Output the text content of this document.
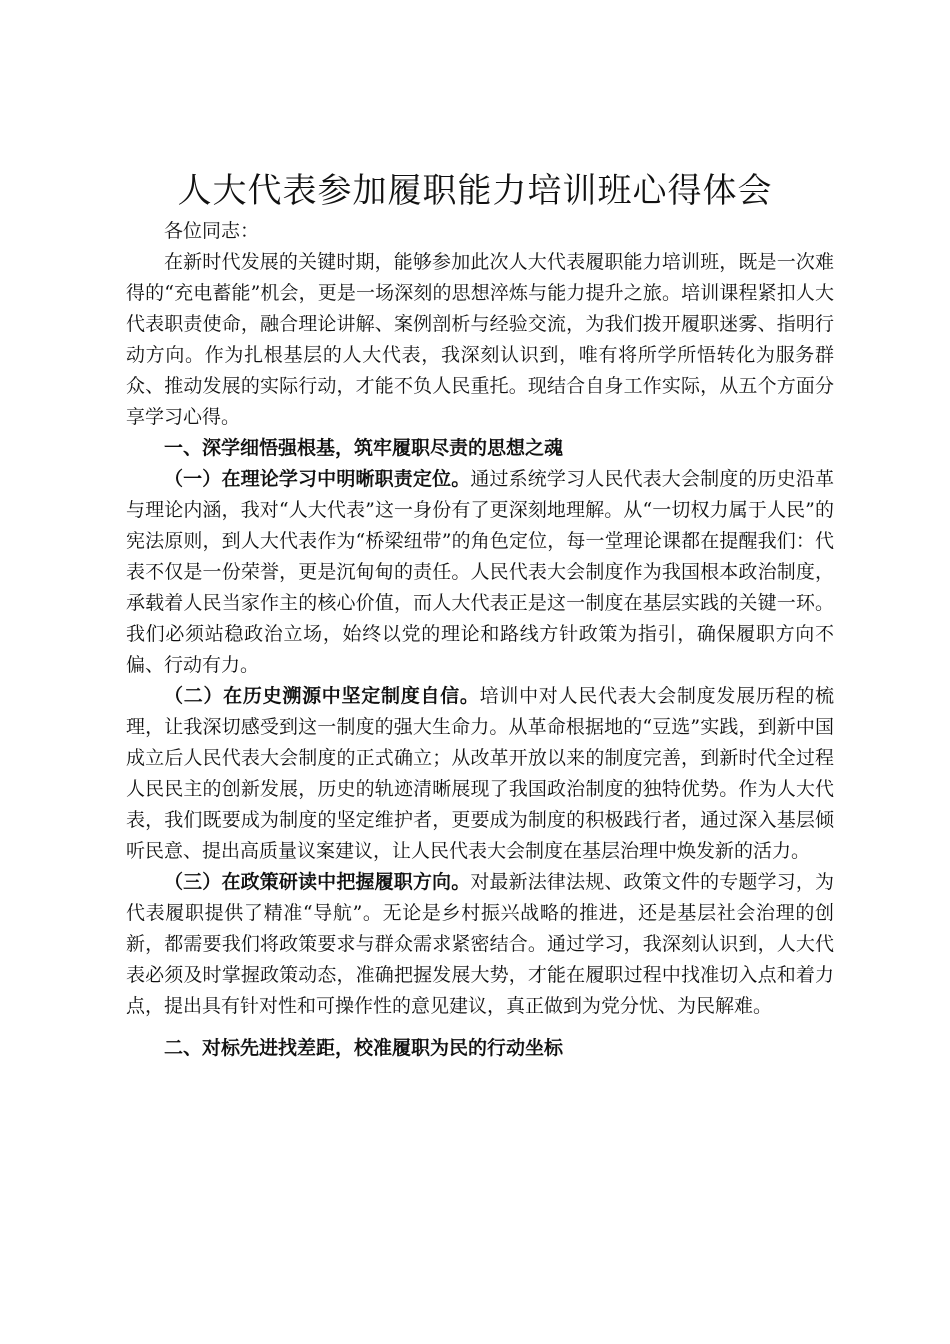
人大代表参加履职能力培训班心得体会

各位同志：

在新时代发展的关键时期，能够参加此次人大代表履职能力培训班，既是一次难得的“充电蓄能”机会，更是一场深刻的思想淬炼与能力提升之旅。培训课程紧扣人大代表职责使命，融合理论讲解、案例剖析与经验交流，为我们拨开履职迷雾、指明行动方向。作为扎根基层的人大代表，我深刻认识到，唯有将所学所悟转化为服务群众、推动发展的实际行动，才能不负人民重托。现结合自身工作实际，从五个方面分享学习心得。

一、深学细悟强根基，筑牢履职尽责的思想之魂

（一）在理论学习中明晰职责定位。通过系统学习人民代表大会制度的历史沿革与理论内涵，我对“人大代表”这一身份有了更深刻地理解。从“一切权力属于人民”的宪法原则，到人大代表作为“桥梁纽带”的角色定位，每一堂理论课都在提醒我们：代表不仅是一份荣誉，更是沉甸甸的责任。人民代表大会制度作为我国根本政治制度，承载着人民当家作主的核心价值，而人大代表正是这一制度在基层实践的关键一环。我们必须站稳政治立场，始终以党的理论和路线方针政策为指引，确保履职方向不偏、行动有力。

（二）在历史溯源中坚定制度自信。培训中对人民代表大会制度发展历程的梳理，让我深切感受到这一制度的强大生命力。从革命根据地的“豆选”实践，到新中国成立后人民代表大会制度的正式确立；从改革开放以来的制度完善，到新时代全过程人民民主的创新发展，历史的轨迹清晰展现了我国政治制度的独特优势。作为人大代表，我们既要成为制度的坚定维护者，更要成为制度的积极践行者，通过深入基层倾听民意、提出高质量议案建议，让人民代表大会制度在基层治理中焕发新的活力。

（三）在政策研读中把握履职方向。对最新法律法规、政策文件的专题学习，为代表履职提供了精准“导航”。无论是乡村振兴战略的推进，还是基层社会治理的创新，都需要我们将政策要求与群众需求紧密结合。通过学习，我深刻认识到，人大代表必须及时掌握政策动态，准确把握发展大势，才能在履职过程中找准切入点和着力点，提出具有针对性和可操作性的意见建议，真正做到为党分忧、为民解难。

二、对标先进找差距，校准履职为民的行动坐标
